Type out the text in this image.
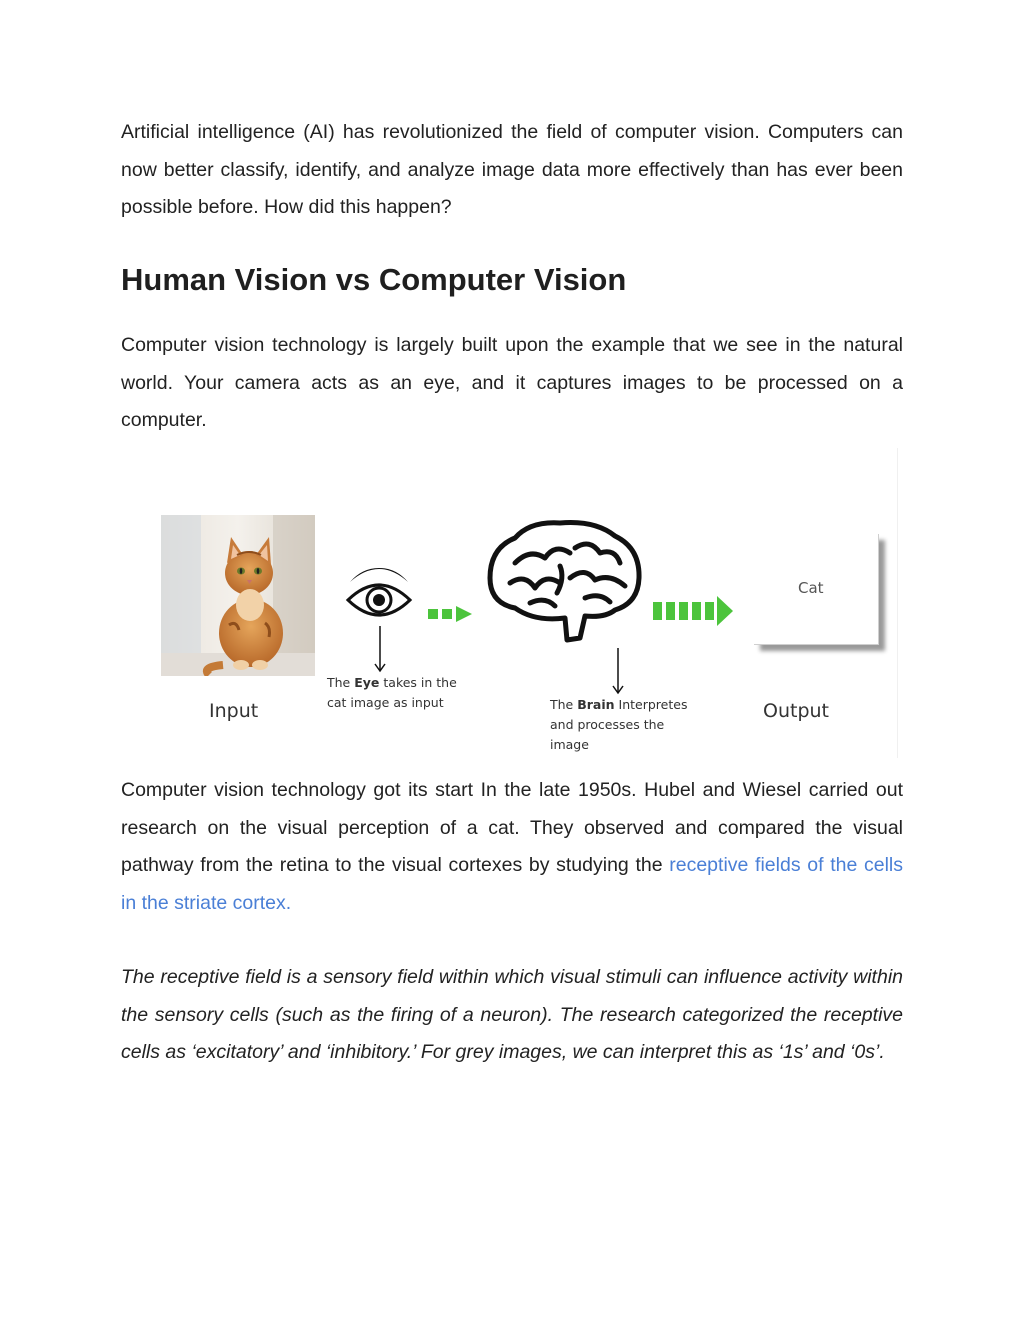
Artificial intelligence (AI) has revolutionized the field of computer vision. Computers can now better classify, identify, and analyze image data more effectively than has ever been possible before. How did this happen?

Human Vision vs Computer Vision

Computer vision technology is largely built upon the example that we see in the natural world. Your camera acts as an eye, and it captures images to be processed on a computer.

Computer vision technology got its start In the late 1950s. Hubel and Wiesel carried out research on the visual perception of a cat. They observed and compared the visual pathway from the retina to the visual cortexes by studying the receptive fields of the cells in the striate cortex.

The receptive field is a sensory field within which visual stimuli can influence activity within the sensory cells (such as the firing of a neuron). The research categorized the receptive cells as ‘excitatory’ and ‘inhibitory.’ For grey images, we can interpret this as ‘1s’ and ‘0s’.

Input
The Eye takes in the cat image as input	The Brain Interpretes and processes the image
Cat
Output
